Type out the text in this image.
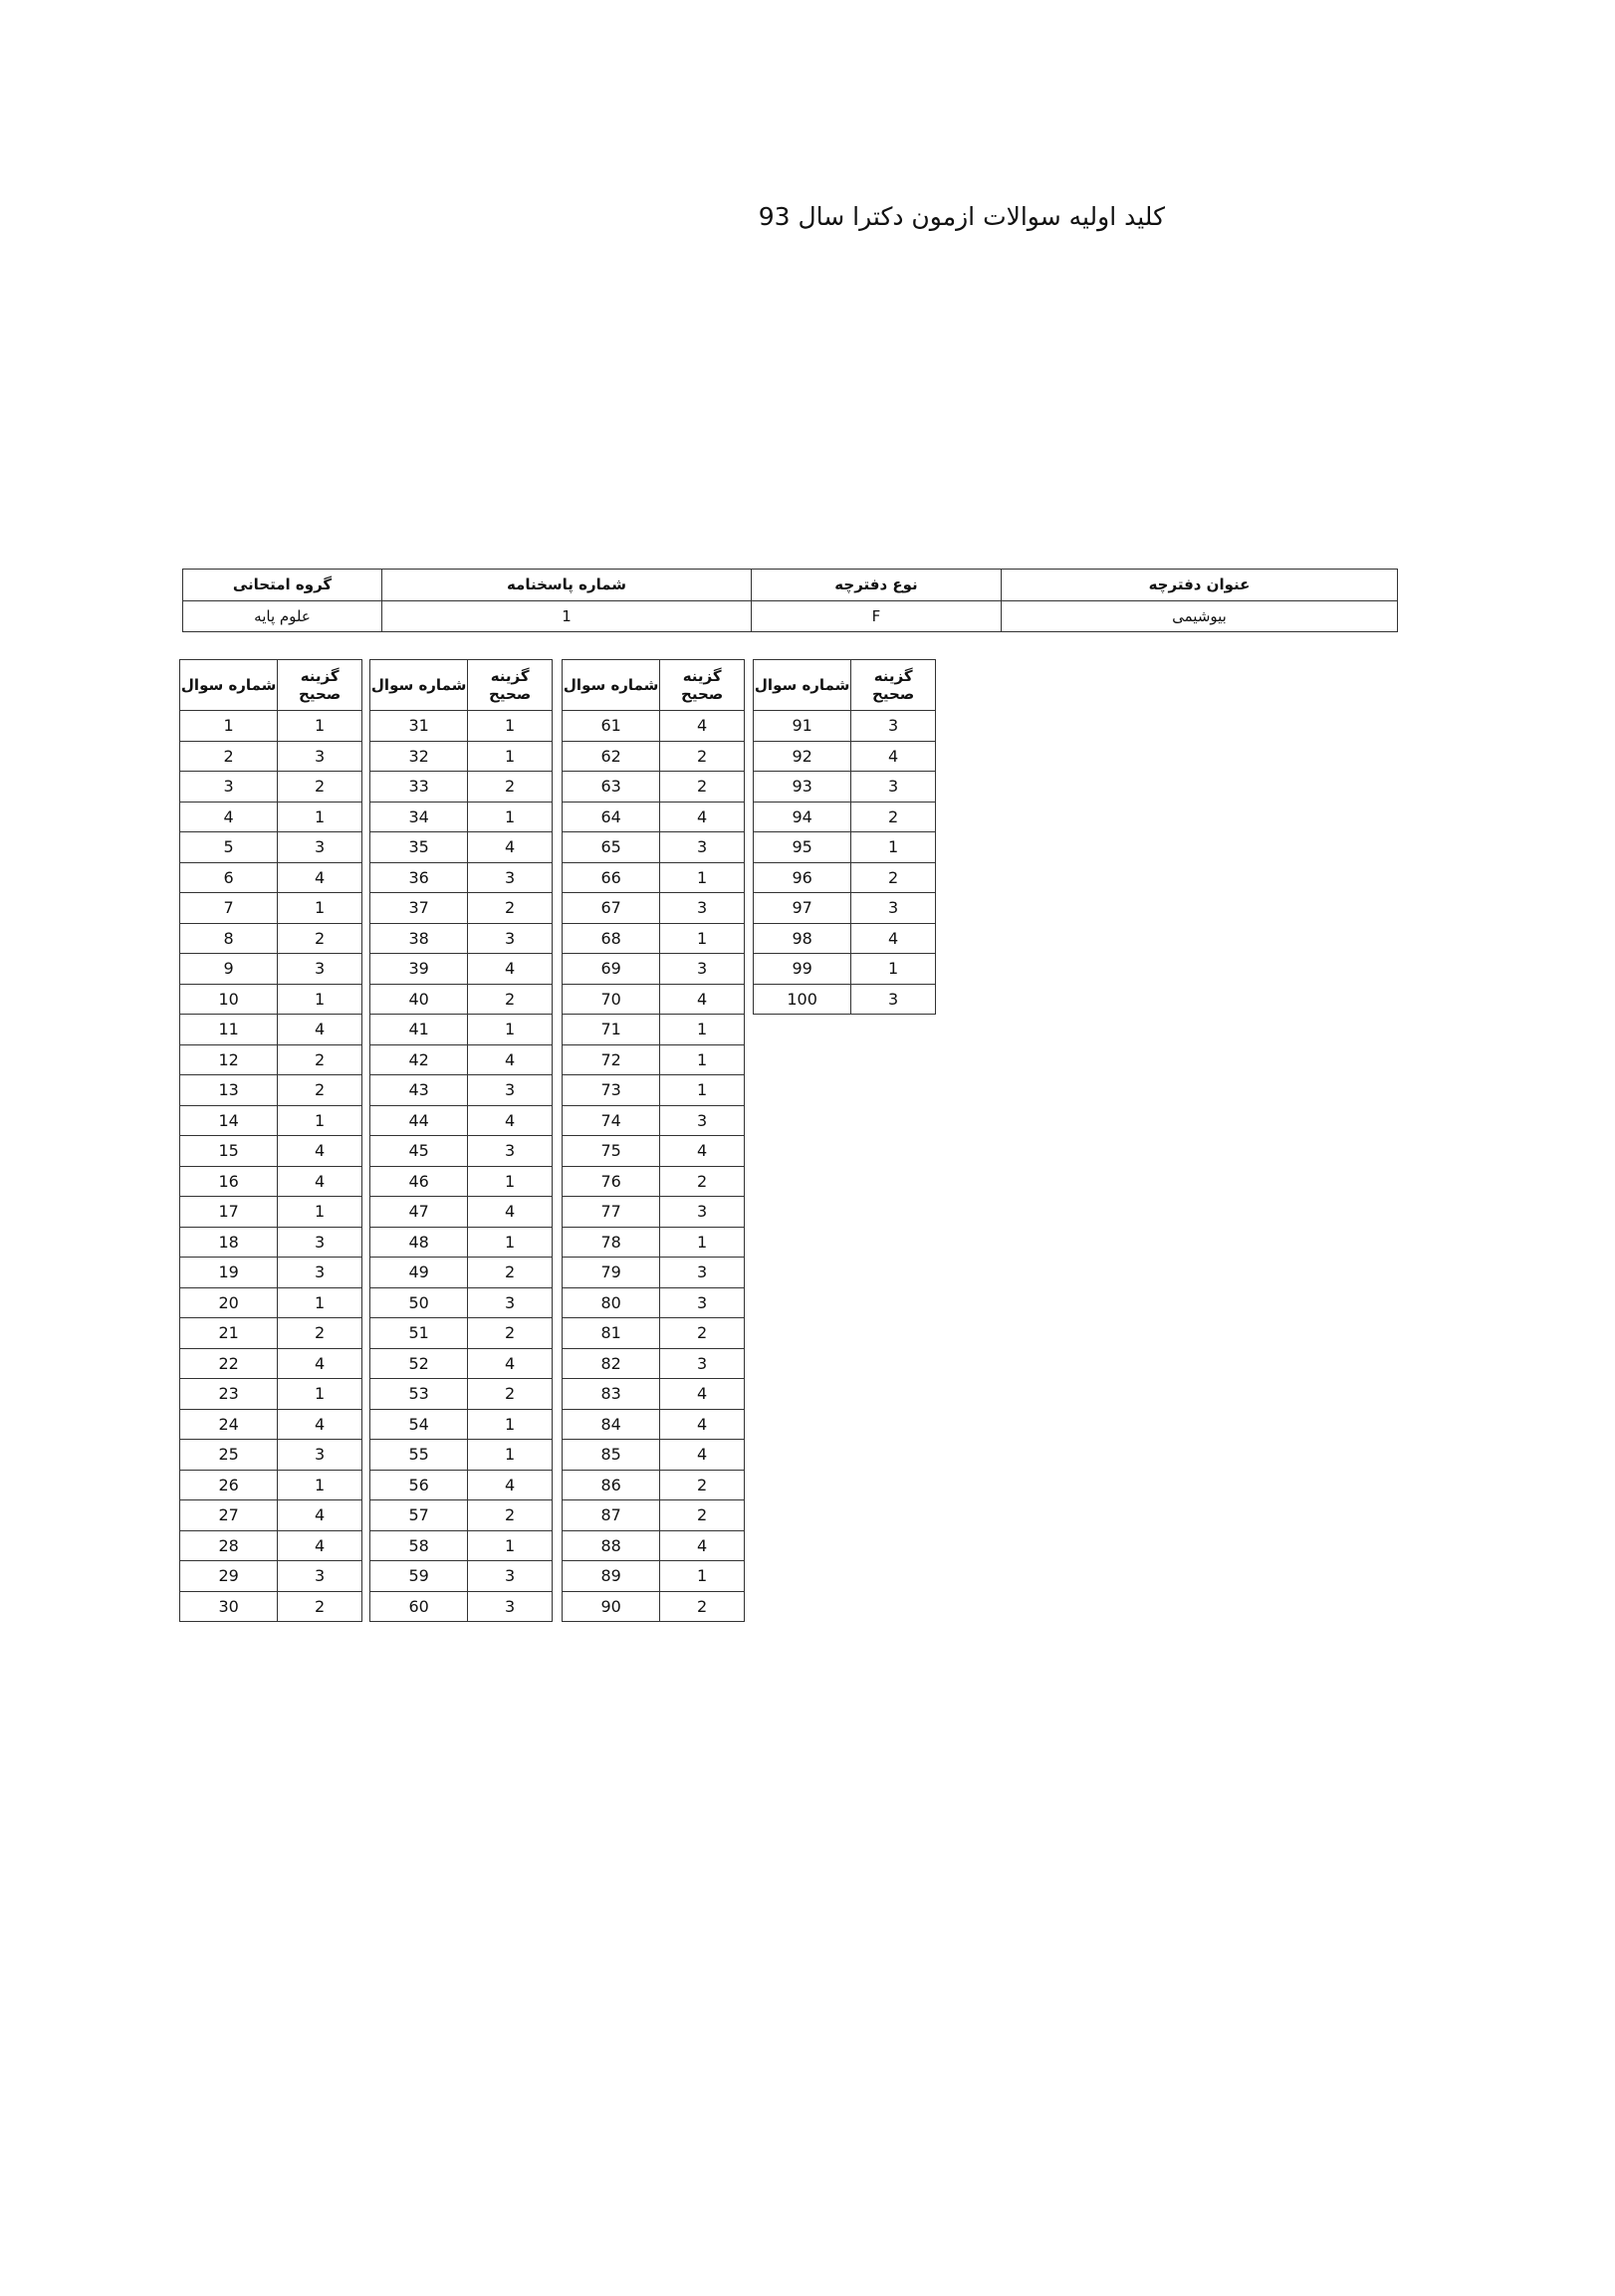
کلید اولیه سوالات ازمون دکترا سال 93
گروه امتحانی	شماره پاسخنامه	نوع دفترچه	عنوان دفترچه
علوم پایه	1	F	بیوشیمی
شماره سوال	گزینه صحیح
1	1
2	3
3	2
4	1
5	3
6	4
7	1
8	2
9	3
10	1
11	4
12	2
13	2
14	1
15	4
16	4
17	1
18	3
19	3
20	1
21	2
22	4
23	1
24	4
25	3
26	1
27	4
28	4
29	3
30	2
شماره سوال	گزینه صحیح
31	1
32	1
33	2
34	1
35	4
36	3
37	2
38	3
39	4
40	2
41	1
42	4
43	3
44	4
45	3
46	1
47	4
48	1
49	2
50	3
51	2
52	4
53	2
54	1
55	1
56	4
57	2
58	1
59	3
60	3
شماره سوال	گزینه صحیح
61	4
62	2
63	2
64	4
65	3
66	1
67	3
68	1
69	3
70	4
71	1
72	1
73	1
74	3
75	4
76	2
77	3
78	1
79	3
80	3
81	2
82	3
83	4
84	4
85	4
86	2
87	2
88	4
89	1
90	2
شماره سوال	گزینه صحیح
91	3
92	4
93	3
94	2
95	1
96	2
97	3
98	4
99	1
100	3
